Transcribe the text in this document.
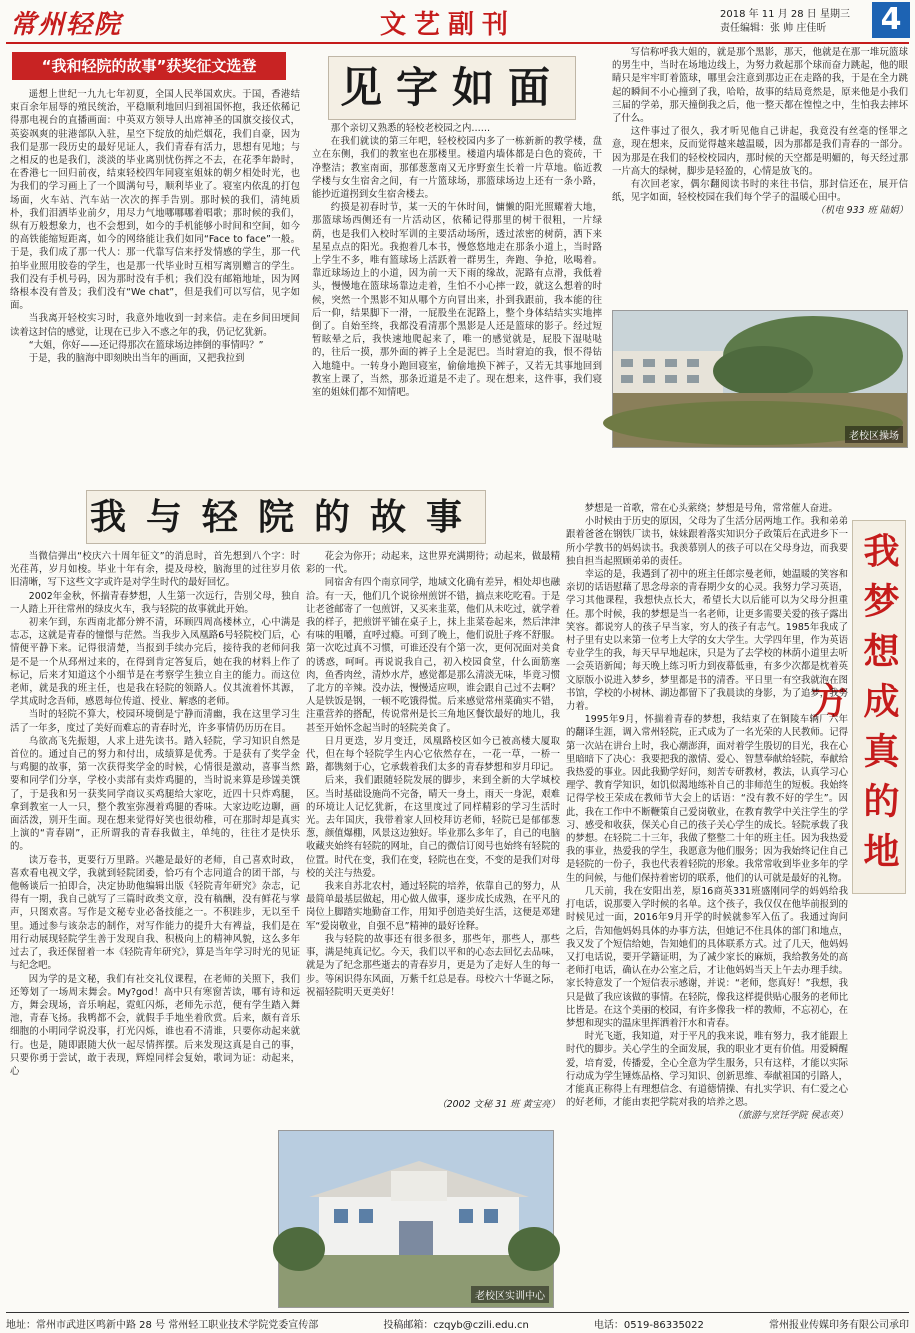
常州轻院	文艺副刊	2018 年 11 月 28 日 星期三
责任编辑：张 帅 庄佳昕	4
“我和轻院的故事”获奖征文选登	见字如面

遥想上世纪一九九七年初夏，全国人民举国欢庆。于国，香港结束百余年屈辱的殖民统治，平稳顺利地回归到祖国怀抱，我还依稀记得那电视台的直播画面：中英双方领导人出席神圣的国旗交接仪式，英姿飒爽的驻港部队入驻，星空下绽放的灿烂烟花，我们自豪，因为我们是那一段历史的最好见证人，我们青春有活力，思想有见地；与之相反的也是我们，淡淡的毕业离别忧伤挥之不去，在花季年龄时，在香港七一回归前夜，结束轻校四年同寝室姐妹的朝夕相处时光，也为我们的学习画上了一个圆满句号，顺利毕业了。寝室内依乱的打包场面，火车站、汽车站一次次的挥手告别。那时候的我们，清纯质朴，我们泪洒毕业前夕，用尽力气地哪哪哪着唱歌；那时候的我们，纵有万般想象力，也不会想到，如今的手机能够小时间和空间，如今的高铁能缩短距离，如今的网络能让我们如同“Face to face”一般。于是，我们成了那一代人：那一代靠写信来抒发情感的学生，那一代拍毕业照用胶卷的学生，也是那一代毕业时互相写离别赠言的学生。我们没有手机号码，因为那时没有手机；我们没有邮箱地址，因为网络根本没有普及；我们没有“We chat”，但是我们可以写信，见字如面。

当我离开轻校实习时，我意外地收到一封来信。走在乡间田埂间读着这封信的感觉，让现在已步入不惑之年的我，仍记忆犹新。

“大姐，你好——还记得那次在篮球场边摔倒的事情吗？”

于是，我的脑海中即刻映出当年的画面，又把我拉到

那个亲切又熟悉的轻校老校园之内……

在我们就读的第三年吧，轻校校园内多了一栋新新的教学楼，盘立在东侧，我们的教室也在那楼里。楼道内墙体都是白色的瓷砖，干净整洁；教室南面，那郁葱葱南又无序野蛮生长着一片草地。临近教学楼与女生宿舍之间，有一片篮球场，那篮球场边上还有一条小路，能抄近道拐到女生宿舍楼去。

约摸是初春时节，某一天的午休时间，慵懒的阳光照耀着大地，那篮球场西侧还有一片活动区，依稀记得那里的树干很粗，一片绿荫，也是我们入校时军训的主要活动场所，透过浓密的树荫，洒下来星星点点的阳光。我抱着几本书，慢悠悠地走在那条小道上，当时路上学生不多，唯有篮球场上活跃着一群男生，奔跑、争抢，吆喝着。靠近球场边上的小道，因为前一天下雨的缘故，泥路有点滑，我低着头，慢慢地在篮球场靠边走着，生怕不小心摔一跤，就这么想着的时候，突然一个黑影不知从哪个方向冒出来，扑到我跟前，我本能的往后一仰，结果脚下一滑，一屁股坐在泥路上，整个身体结结实实地摔倒了。自始至终，我都没看清那个黑影是人还是篮球的影子。经过短暂眩晕之后，我快速地爬起来了，唯一的感觉就是，屁股下湿哒哒的，往后一摸，那外面的裤子上全是泥巴。当时窘迫的我，恨不得钻入地缝中。一转身小跑回寝室，偷偷地换下裤子，又若无其事地回到教室上课了，当然，那条近道是不走了。现在想来，这件事，我们寝室的姐妹们都不知情吧。

写信称呼我大姐的，就是那个黑影，那天，他就是在那一堆玩篮球的男生中，当时在场地边线上，为努力救起那个球而奋力跳起，他的眼睛只是牢牢盯着篮球，哪里会注意到那边正在走路的我，于是在全力跳起的瞬间不小心撞到了我，哈哈，故事的结局竟然是，原来他是小我们三届的学弟，那天撞倒我之后，他一整天都在惶惶之中，生怕我去摔坏了什么。

这件事过了很久，我才听见他自己讲起，我竟没有丝毫的怪罪之意，现在想来，反而觉得越来越温暖，因为那都是我们青春的一部分。因为那是在我们的轻校校园内，那时候的天空都是明媚的，每天经过那一片高大的绿树，脚步是轻盈的，心情是放飞的。

有次回老家，偶尔翻阅读书时的来往书信，那封信还在，展开信纸，见字如面，轻校校园在我们每个学子的温暖心田中。

（机电 933 班 陆娟）

老校区操场
我与轻院的故事

当微信弹出“校庆六十周年征文”的消息时，首先想到八个字：时光荏苒，岁月如梭。毕业十年有余，提及母校，脑海里的过往岁月依旧清晰，写下这些文字或许是对学生时代的最好回忆。

2002年金秋，怀揣青春梦想，人生第一次远行，告别父母，独自一人踏上开往常州的绿皮火车，我与轻院的故事就此开始。

初来乍到，东西南北都分辨不清，环顾四周高楼林立，心中满是志忑，这就是青春的憧憬与茫然。当我步入凤凰路6号轻院校门后，心情便平静下来。记得很清楚，当报到手续办完后，接待我的老师问我是不是一个从邳州过来的，在得到肯定答复后，她在我的材料上作了标记，后来才知道这个小细节是在考察学生独立自主的能力。而这位老师，就是我的班主任，也是我在轻院的领路人。仪其流着怀其源，学其成时念吾师，感恩每位传道、授业、解惑的老师。

当时的轻院不算大，校园环境倒是宁静而清幽，我在这里学习生活了一年多，度过了美好而难忘的青春时光，许多事情仍历历在目。

乌欲高飞先振翅，人求上进先读书。踏入轻院，学习知识自然是首位的。通过自己的努力和付出，成绩算是优秀。于是获有了奖学金与鸡腿的故事，第一次获得奖学金的时候，心情很是激动，喜事当然要和同学们分享，学校小卖部有卖炸鸡腿的，当时说来算是珍馐美馔了，于是我和另一获奖同学商议买鸡腿给大家吃，近四十只炸鸡腿，拿到教室一人一只，整个教室弥漫着鸡腿的香味。大家边吃边聊，画面活泼，别开生面。现在想来觉得好笑也很幼稚，可在那时却是真实上演的“青春剧”，正所谓我的青春我做主，单纯的，往往才是快乐的。

读万卷书，更要行万里路。兴趣是最好的老师，自己喜欢时政，喜欢看电视文学，我就到轻院团委，恰巧有个志同道合的团干部，与他畅谈后一拍即合，决定协助他编辑出版《轻院青年研究》杂志，记得有一期，我自己就写了三篇时政类文章，没有稿酬，没有鲜花与掌声，只图欢喜。写作是文秘专业必备技能之一。不积跬步，无以至千里。通过参与该杂志的制作，对写作能力的提升大有裨益，我们是在用行动展现轻院学生善于发现自我、积极向上的精神风貌，这么多年过去了，我还保留着一本《轻院青年研究》，算是当年学习时光的见证与纪念吧。

因为学的是文秘，我们有社交礼仪课程，在老师的关照下，我们还筹划了一场周末舞会。My?god！高中只有寒窗苦读，哪有诗和远方，舞会现场，音乐响起，霓虹闪烁，老师先示范，便有学生踏入舞池，青春飞扬。我鸭都不会，就假手手地坐着欣赏。后来，颇有音乐细胞的小明同学说没事，打光闪烁，谁也看不清谁，只要你动起来就行。也是，随即跟随大伙一起尽情挥摆。后来发现这真是自己的事，只要你勇于尝试，敢于表现，辉煌同样会复始，歌词为证：动起来，心

花会为你开；动起来，这世界充满期待；动起来，做最精彩的一代。

同宿舍有四个南京同学，地域文化确有差异，相处却也融洽。有一天，他们几个说徐州煎饼不错，搞点来吃吃看。于是让老爸邮寄了一包煎饼，又买来韭菜，他们从未吃过，就学着我的样子，把煎饼平铺在桌子上，抹上韭菜卷起来，然后津津有味的咀嚼，直呼过瘾。可到了晚上，他们说肚子疼不舒服。第一次吃过真不习惯，可谁还没有个第一次，更何况面对美食的诱惑，呵呵。再说说我自己，初入校园食堂，什么面筋塞肉，鱼香肉丝，清炒水芹，感觉都是那么清淡无味，毕竟习惯了北方的辛辣。没办法，慢慢适应呗，谁会跟自己过不去啊？人是铁饭是钢，一顿不吃饿得慌。后来感觉常州菜确实不错，注重营养的搭配，传说常州是长三角地区餐饮最好的地儿，我甚至开始怀念起当时的轻院美食了。

日月更迭，岁月变迁，凤凰路校区如今已被高楼大厦取代，但在每个轻院学生内心它依然存在，一花一草，一桥一路，都镌刻于心，它承载着我们太多的青春梦想和岁月印记。

后来，我们跟随轻院发展的脚步，来到全新的大学城校区。当时基础设施尚不完备，晴天一身土，雨天一身泥，艰难的环境让人记忆犹新，在这里度过了同样精彩的学习生活时光。去年国庆，我带着家人回校拜访老师，轻院已是郁郁葱葱，颜值爆棚，风景这边独好。毕业那么多年了，自己的电脑收藏夹始终有轻院的网址，自己的微信订阅号也始终有轻院的位置。时代在变，我们在变，轻院也在变，不变的是我们对母校的关注与热爱。

我来自苏北农村，通过轻院的培养，依靠自己的努力，从最简单最基层做起，用心做人做事，逐步成长成熟，在平凡的岗位上脚踏实地勤奋工作，用知乎创造美好生活，这便是邓建军“爱岗敬业，自强不息”精神的最好诠释。

我与轻院的故事还有很多很多，那些年，那些人，那些事，满是纯真记忆。今天，我们以平和的心态去回忆去品味，就是为了纪念那些逝去的青春岁月，更是为了走好人生的每一步。等闲识得东风面，万紫千红总是春。母校六十华诞之际，祝福轻院明天更美好！

（2002 文秘 31 班 黄宝亮）

老校区实训中心
我梦想成真的地方

梦想是一首歌，常在心头萦绕；梦想是号角，常常催人奋进。

小时候由于历史的原因，父母为了生活分居两地工作。我和弟弟跟着爸爸在钢铁厂读书，妹妹跟着落实知识分子政策后在武进乡下一所小学教书的妈妈读书。我羡慕别人的孩子可以在父母身边，而我要独自担当起照顾弟弟的责任。

幸运的是，我遇到了初中的班主任郎宗曼老师，她温暖的笑容和亲切的话语慰藉了思念母亲的青春期少女的心灵。我努力学习英语，学习其他课程，我想快点长大，希望长大以后能可以为父母分担重任。那个时候，我的梦想是当一名老师，让更多需要关爱的孩子露出笑容。都说穷人的孩子早当家，穷人的孩子有志气。1985年我成了村子里有史以来第一位考上大学的女大学生。大学四年里，作为英语专业学生的我，每天早早地起床，只是为了去学校的林荫小道里去听一会英语新闻；每天晚上练习听力到夜幕低垂，有多少次都是枕着英文原版小说进入梦乡，梦里都是书的清香。平日里一有空我就泡在图书馆，学校的小树林、湖边都留下了我晨读的身影，为了追梦，我努力着。

1995年9月，怀揣着青春的梦想，我结束了在铜陵车辆厂六年的翻译生涯，调入常州轻院，正式成为了一名光荣的人民教师。记得第一次站在讲台上时，我心潮澎湃，面对着学生殷切的目光，我在心里暗暗下了决心：我要把我的激情、爱心、智慧奉献给轻院，奉献给我热爱的事业。因此我勤学好问，刻苦专研教材，教法，认真学习心理学、教育学知识，如饥似渴地练补自己的非师范生的短板。我始终记得学校王荣成在教师节大会上的话语：“没有教不好的学生”。因此，我在工作中不断鞭策自己爱岗敬业，在教育教学中关注学生的学习、感受和收获，保关心自己的孩子关心学生的成长。轻院承载了我的梦想。在轻院二十三年，我做了整整二十年的班主任。因为我热爱我的事业，热爱我的学生，我愿意为他们服务；因为我始终记住自己是轻院的一份子，我也代表着轻院的形象。我常常收到毕业多年的学生的问候，与他们保持着密切的联系，他们的认可就是最好的礼物。

几天前，我在安阳出差，原16商英331班盛刚同学的妈妈给我打电话，说那要入学时候的名单。这个孩子，我仅仅在他毕前报到的时候见过一面，2016年9月开学的时候就参军入伍了。我通过询问之后，告知他妈妈具体的办事方法，但她记不住具体的部门和地点，我又发了个短信给她，告知她们的具体联系方式。过了几天，他妈妈又打电话说，要开学籍证明，为了减少家长的麻烦，我给教务处的高老师打电话，确认在办公室之后，才让他妈妈当天上午去办理手续。家长特意发了一个短信表示感谢，并说：“老师，您真好！”我想，我只是做了我应该做的事情。在轻院，像我这样提供贴心服务的老师比比皆是。在这个美丽的校园，有许多像我一样的教师，不忘初心，在梦想和现实的温床里挥洒着汗水和青春。

时光飞逝，我知道，对于平凡的我来说，唯有努力，我才能跟上时代的脚步。关心学生的全面发展，我的职业才更有价值。用爱瞬醒爱，培育爱，传播爱，全心全意为学生服务，只有这样，才能以实际行动成为学生锤炼品格、学习知识、创新思维、奉献祖国的引路人，才能真正称得上有理想信念、有道德情操、有扎实学识、有仁爱之心的好老师，才能由衷把学院对我的培养之恩。

（旅游与烹饪学院 侯志英）

地址：常州市武进区鸣新中路 28 号 常州轻工职业技术学院党委宣传部	投稿邮箱：czqyb@czili.edu.cn	电话：0519-86335022	常州报业传媒印务有限公司承印
